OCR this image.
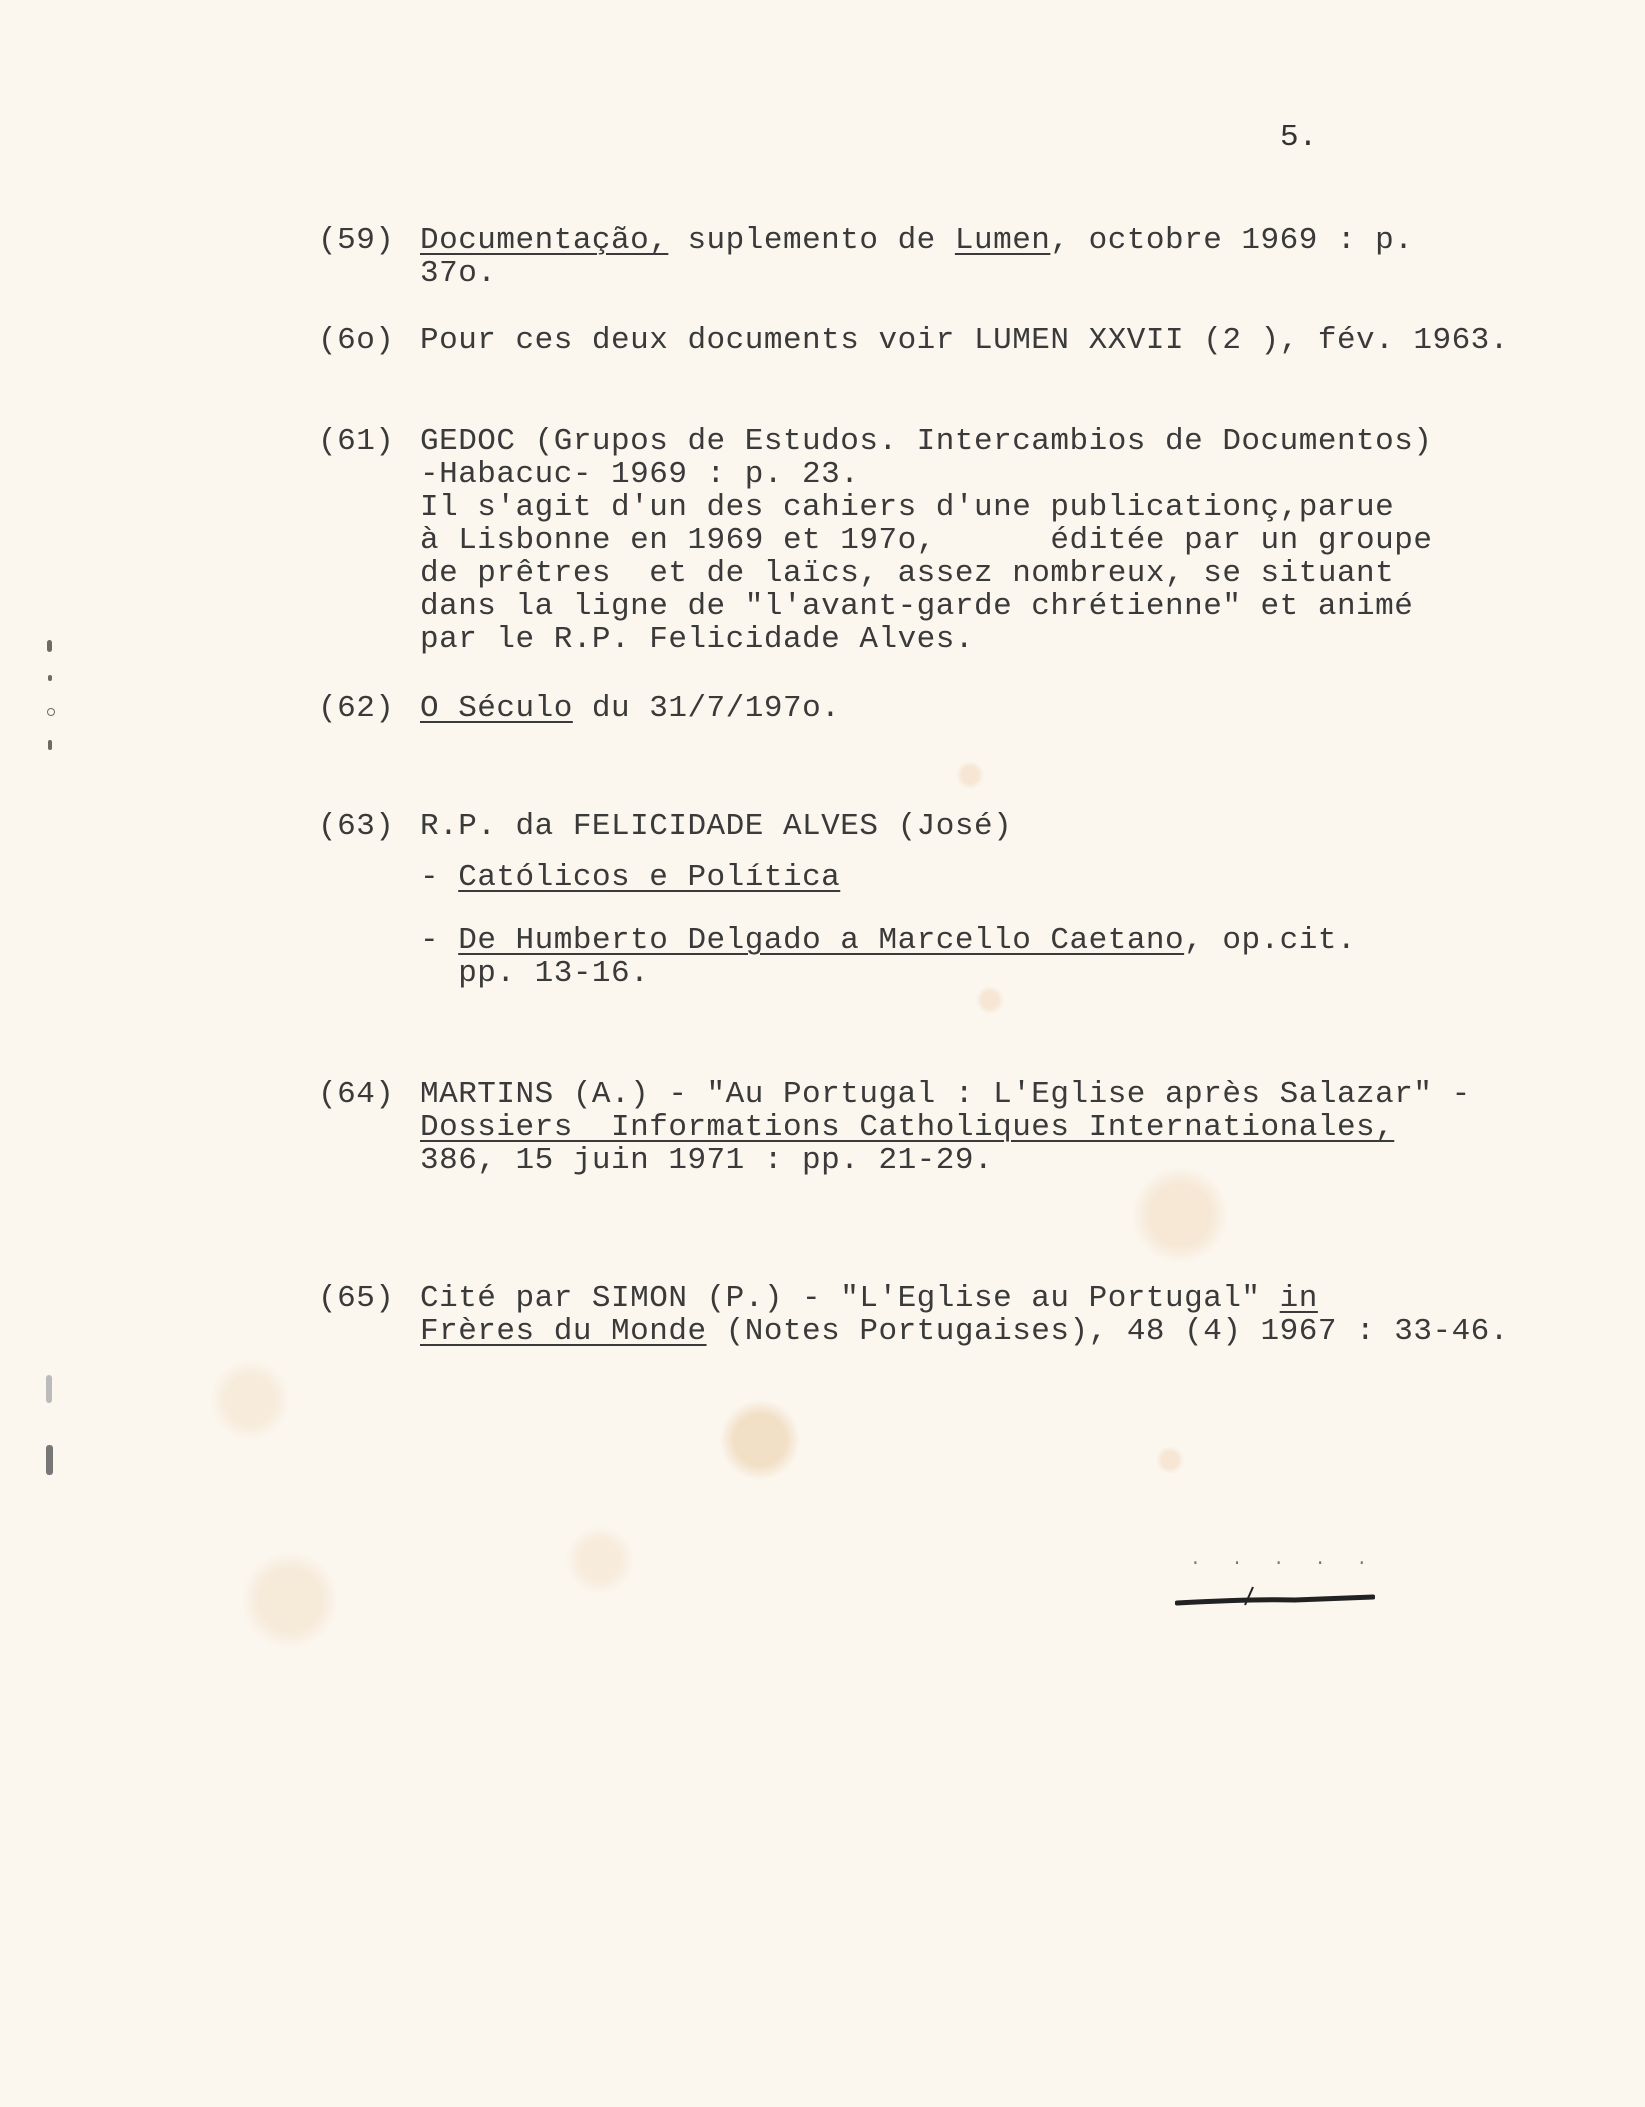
5.
(59) Documentação, suplemento de Lumen, octobre 1969 : p.
37o.
(6o) Pour ces deux documents voir LUMEN XXVII (2 ), fév. 1963.
(61) GEDOC (Grupos de Estudos. Intercambios de Documentos)
-Habacuc- 1969 : p. 23.
Il s'agit d'un des cahiers d'une publicationç,parue
à Lisbonne en 1969 et 197o,      éditée par un groupe
de prêtres  et de laïcs, assez nombreux, se situant
dans la ligne de "l'avant-garde chrétienne" et animé
par le R.P. Felicidade Alves.
(62) O Século du 31/7/197o.
(63) R.P. da FELICIDADE ALVES (José)
- Católicos e Política
- De Humberto Delgado a Marcello Caetano, op.cit.
pp. 13-16.
(64) MARTINS (A.) - "Au Portugal : L'Eglise après Salazar" -
Dossiers  Informations Catholiques Internationales,
386, 15 juin 1971 : pp. 21-29.
(65) Cité par SIMON (P.) - "L'Eglise au Portugal" in
Frères du Monde (Notes Portugaises), 48 (4) 1967 : 33-46.
. . . . .
